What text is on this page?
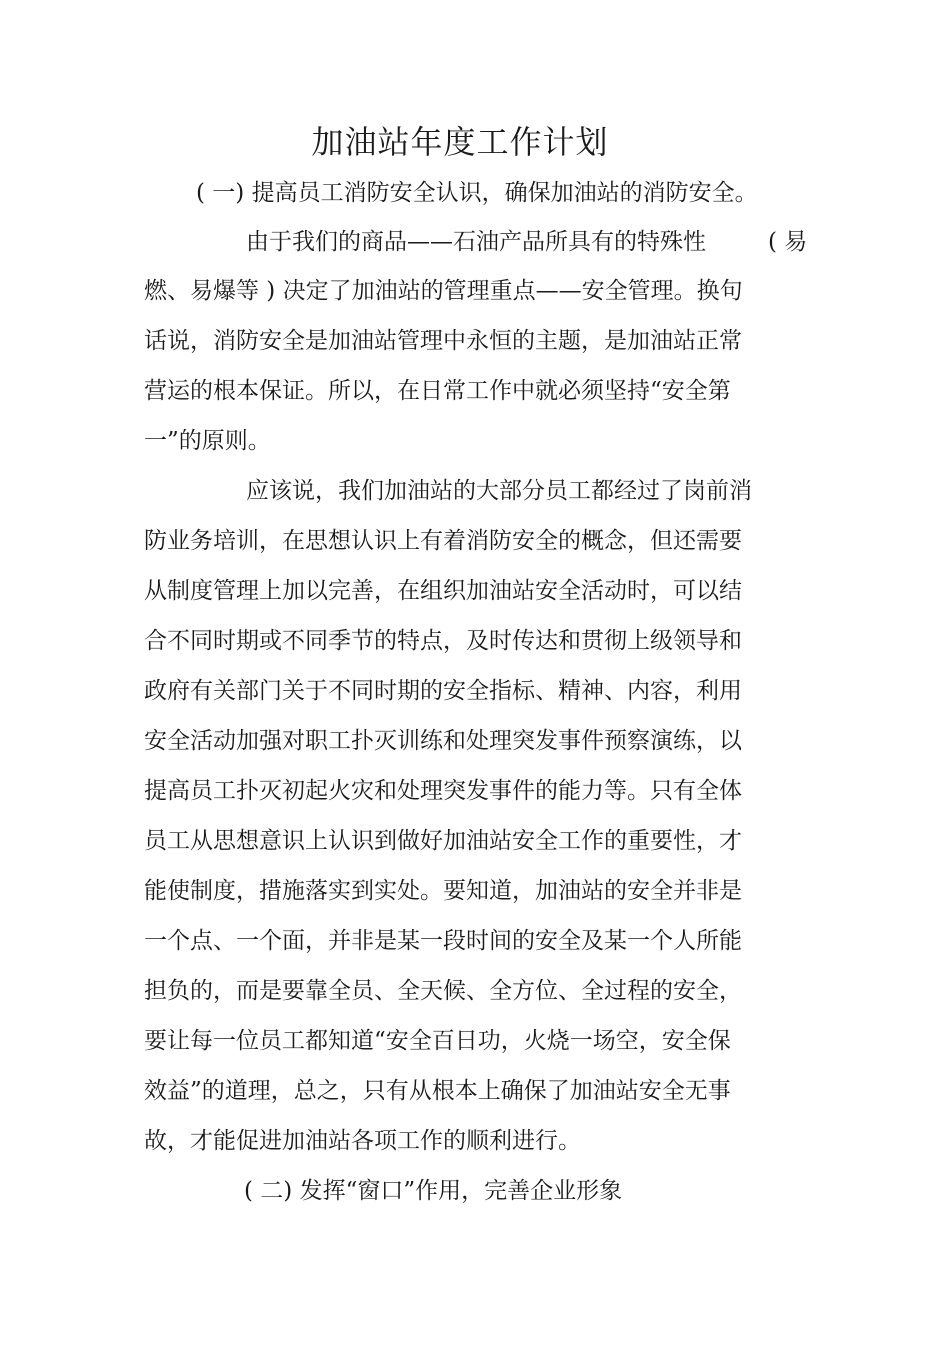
加油站年度工作计划
( 一) 提高员工消防安全认识，确保加油站的消防安全。
由于我们的商品——石油产品所具有的特殊性	( 易
燃、易爆等 ) 决定了加油站的管理重点——安全管理。换句
话说，消防安全是加油站管理中永恒的主题，是加油站正常
营运的根本保证。所以，在日常工作中就必须坚持“安全第
一”的原则。
应该说，我们加油站的大部分员工都经过了岗前消
防业务培训，在思想认识上有着消防安全的概念，但还需要
从制度管理上加以完善，在组织加油站安全活动时，可以结
合不同时期或不同季节的特点，及时传达和贯彻上级领导和
政府有关部门关于不同时期的安全指标、精神、内容，利用
安全活动加强对职工扑灭训练和处理突发事件预察演练，以
提高员工扑灭初起火灾和处理突发事件的能力等。只有全体
员工从思想意识上认识到做好加油站安全工作的重要性，才
能使制度，措施落实到实处。要知道，加油站的安全并非是
一个点、一个面，并非是某一段时间的安全及某一个人所能
担负的，而是要靠全员、全天候、全方位、全过程的安全，
要让每一位员工都知道“安全百日功，火烧一场空，安全保
效益”的道理，总之，只有从根本上确保了加油站安全无事
故，才能促进加油站各项工作的顺利进行。
( 二) 发挥“窗口”作用，完善企业形象
